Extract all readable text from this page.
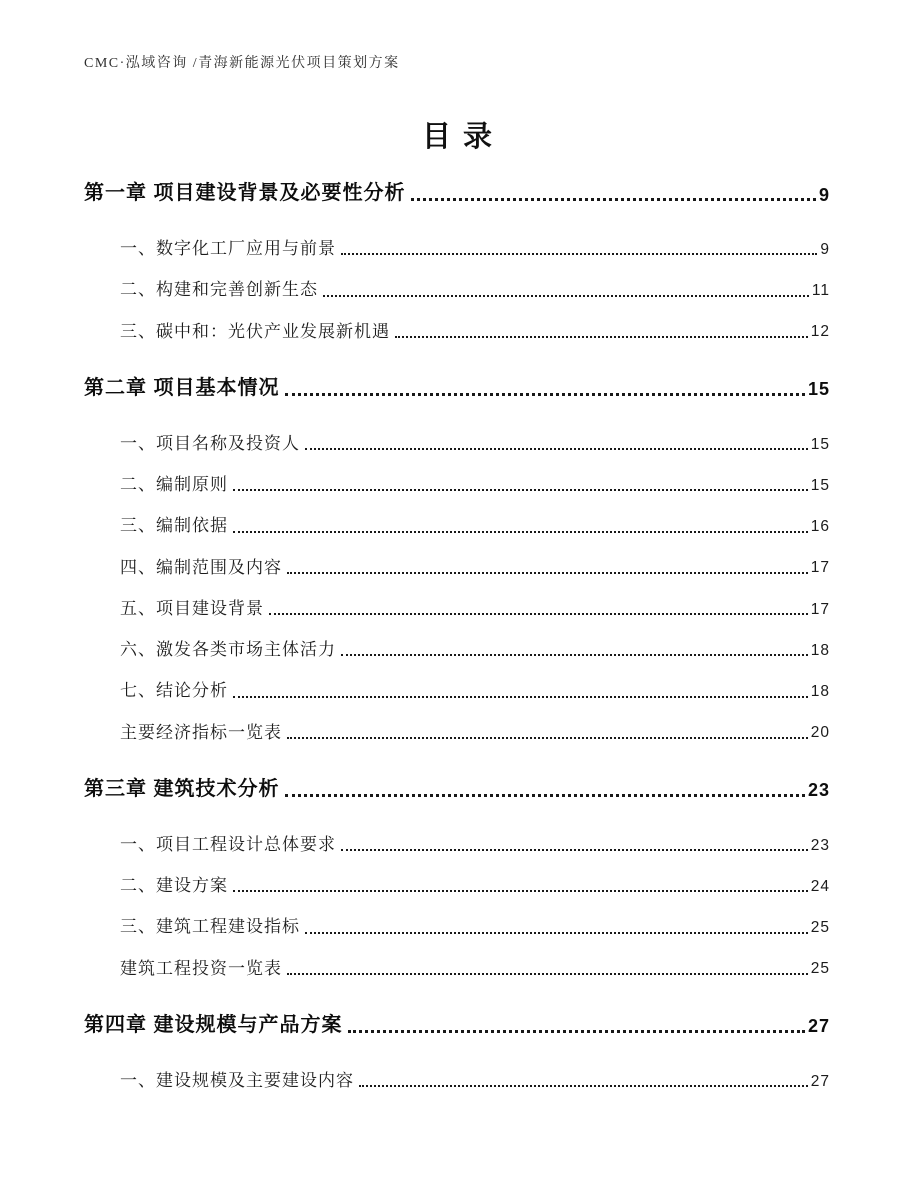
CMC·泓域咨询 /青海新能源光伏项目策划方案
目录
第一章 项目建设背景及必要性分析	9
一、数字化工厂应用与前景	9
二、构建和完善创新生态	11
三、碳中和：光伏产业发展新机遇	12
第二章 项目基本情况	15
一、项目名称及投资人	15
二、编制原则	15
三、编制依据	16
四、编制范围及内容	17
五、项目建设背景	17
六、激发各类市场主体活力	18
七、结论分析	18
主要经济指标一览表	20
第三章 建筑技术分析	23
一、项目工程设计总体要求	23
二、建设方案	24
三、建筑工程建设指标	25
建筑工程投资一览表	25
第四章 建设规模与产品方案	27
一、建设规模及主要建设内容	27
